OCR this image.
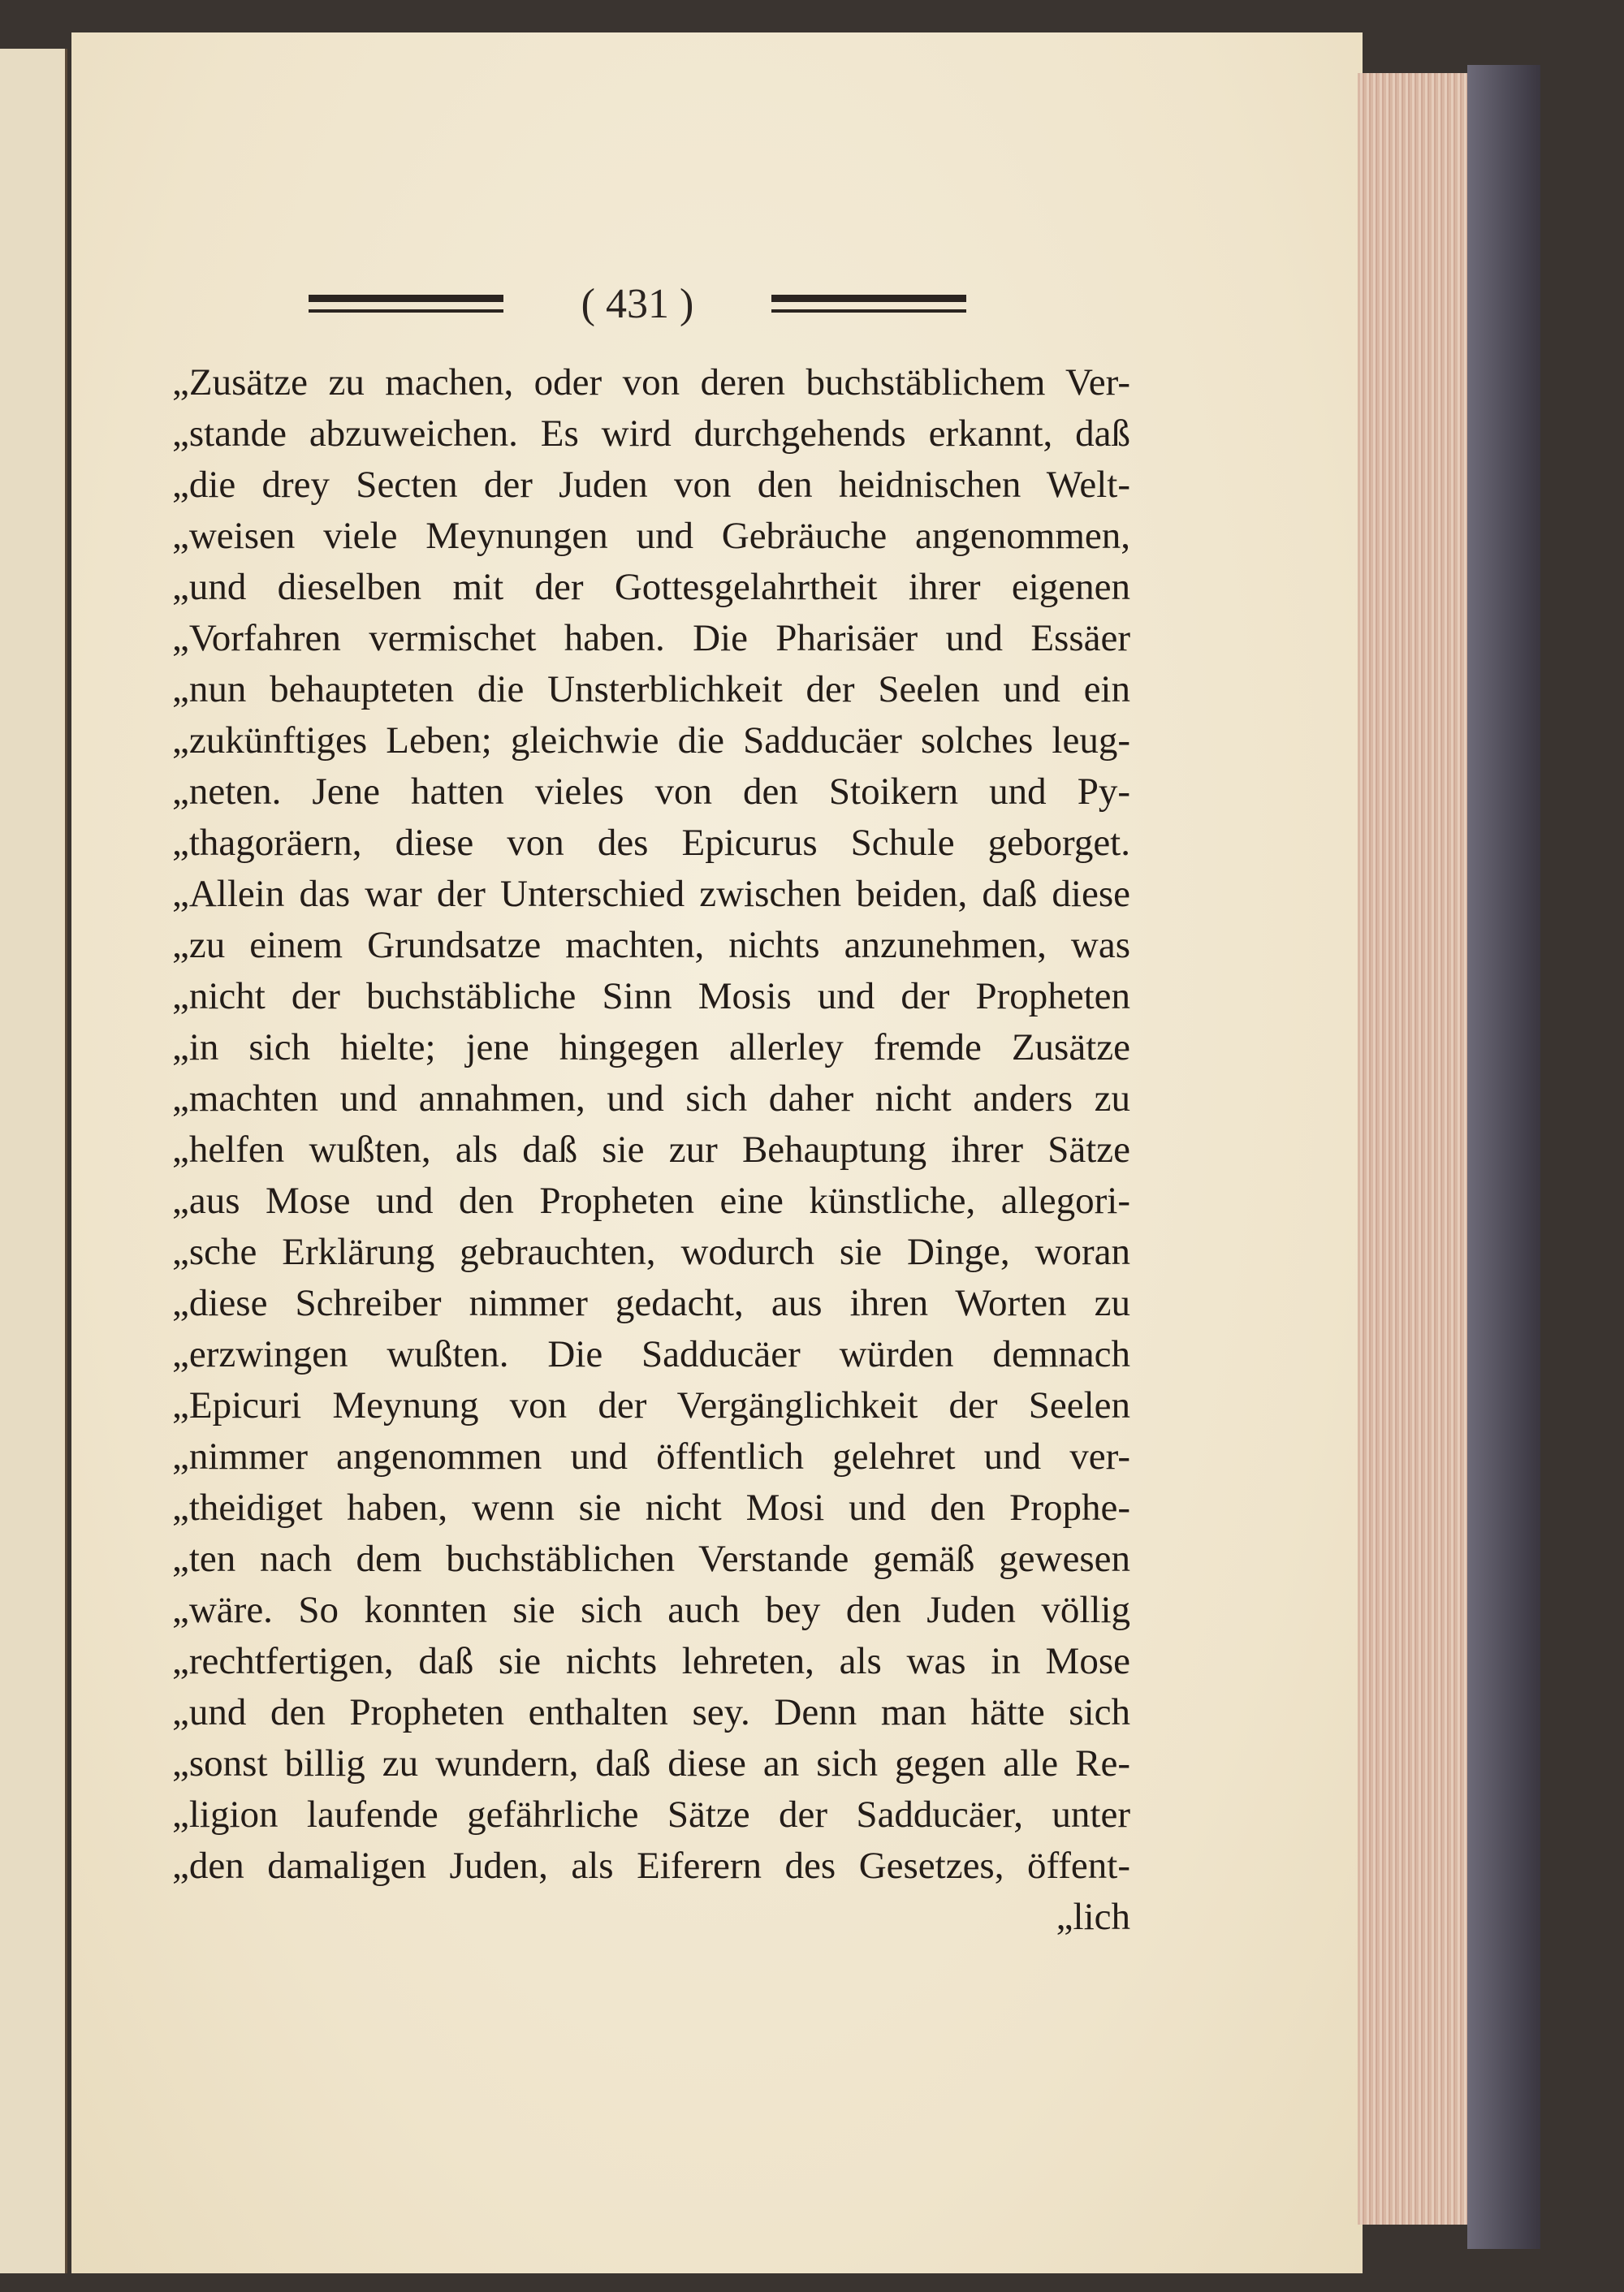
( 431 )
„Zusätze zu machen, oder von deren buchstäblichem Ver-
„stande abzuweichen. Es wird durchgehends erkannt, daß
„die drey Secten der Juden von den heidnischen Welt-
„weisen viele Meynungen und Gebräuche angenommen,
„und dieselben mit der Gottesgelahrtheit ihrer eigenen
„Vorfahren vermischet haben. Die Pharisäer und Essäer
„nun behaupteten die Unsterblichkeit der Seelen und ein
„zukünftiges Leben; gleichwie die Sadducäer solches leug-
„neten. Jene hatten vieles von den Stoikern und Py-
„thagoräern, diese von des Epicurus Schule geborget.
„Allein das war der Unterschied zwischen beiden, daß diese
„zu einem Grundsatze machten, nichts anzunehmen, was
„nicht der buchstäbliche Sinn Mosis und der Propheten
„in sich hielte; jene hingegen allerley fremde Zusätze
„machten und annahmen, und sich daher nicht anders zu
„helfen wußten, als daß sie zur Behauptung ihrer Sätze
„aus Mose und den Propheten eine künstliche, allegori-
„sche Erklärung gebrauchten, wodurch sie Dinge, woran
„diese Schreiber nimmer gedacht, aus ihren Worten zu
„erzwingen wußten. Die Sadducäer würden demnach
„Epicuri Meynung von der Vergänglichkeit der Seelen
„nimmer angenommen und öffentlich gelehret und ver-
„theidiget haben, wenn sie nicht Mosi und den Prophe-
„ten nach dem buchstäblichen Verstande gemäß gewesen
„wäre. So konnten sie sich auch bey den Juden völlig
„rechtfertigen, daß sie nichts lehreten, als was in Mose
„und den Propheten enthalten sey. Denn man hätte sich
„sonst billig zu wundern, daß diese an sich gegen alle Re-
„ligion laufende gefährliche Sätze der Sadducäer, unter
„den damaligen Juden, als Eiferern des Gesetzes, öffent-
„lich
